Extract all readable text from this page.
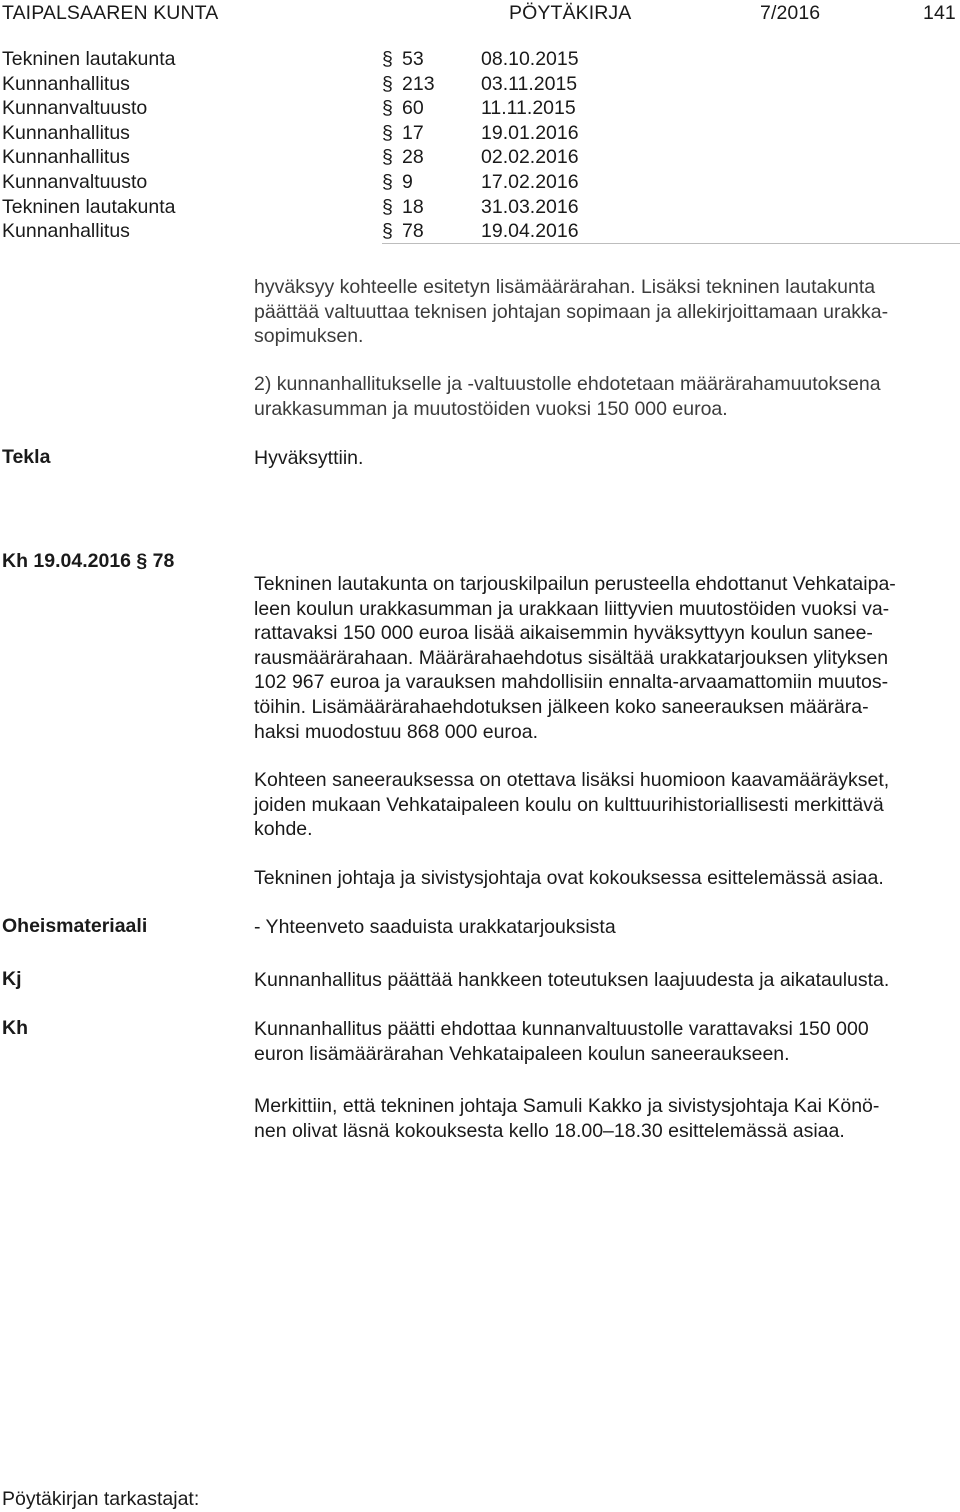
TAIPALSAAREN KUNTA	PÖYTÄKIRJA	7/2016	141
Tekninen lautakunta	§ 53	08.10.2015
Kunnanhallitus	§ 213 03.11.2015
Kunnanvaltuusto	§ 60	11.11.2015
Kunnanhallitus	§ 17	19.01.2016
Kunnanhallitus	§ 28	02.02.2016
Kunnanvaltuusto	§ 9	17.02.2016
Tekninen lautakunta	§ 18	31.03.2016
Kunnanhallitus	§ 78	19.04.2016
hyväksyy kohteelle esitetyn lisämäärärahan. Lisäksi tekninen lautakunta
päättää valtuuttaa teknisen johtajan sopimaan ja allekirjoittamaan urakka-
sopimuksen.
2) kunnanhallitukselle ja -valtuustolle ehdotetaan määrärahamuutoksena
urakkasumman ja muutostöiden vuoksi 150 000 euroa.
Tekla	Hyväksyttiin.
Kh 19.04.2016 § 78
Tekninen lautakunta on tarjouskilpailun perusteella ehdottanut Vehkataipa-
leen koulun urakkasumman ja urakkaan liittyvien muutostöiden vuoksi va-
rattavaksi 150 000 euroa lisää aikaisemmin hyväksyttyyn koulun sanee-
rausmäärärahaan. Määrärahaehdotus sisältää urakkatarjouksen ylityksen
102 967 euroa ja varauksen mahdollisiin ennalta-arvaamattomiin muutos-
töihin. Lisämäärärahaehdotuksen jälkeen koko saneerauksen määrära-
haksi muodostuu 868 000 euroa.
Kohteen saneerauksessa on otettava lisäksi huomioon kaavamääräykset,
joiden mukaan Vehkataipaleen koulu on kulttuurihistoriallisesti merkittävä
kohde.
Tekninen johtaja ja sivistysjohtaja ovat kokouksessa esittelemässä asiaa.
Oheismateriaali	- Yhteenveto saaduista urakkatarjouksista
Kj	Kunnanhallitus päättää hankkeen toteutuksen laajuudesta ja aikataulusta.
Kh	Kunnanhallitus päätti ehdottaa kunnanvaltuustolle varattavaksi 150 000
euron lisämäärärahan Vehkataipaleen koulun saneeraukseen.
Merkittiin, että tekninen johtaja Samuli Kakko ja sivistysjohtaja Kai Könö-
nen olivat läsnä kokouksesta kello 18.00–18.30 esittelemässä asiaa.
Pöytäkirjan tarkastajat:
